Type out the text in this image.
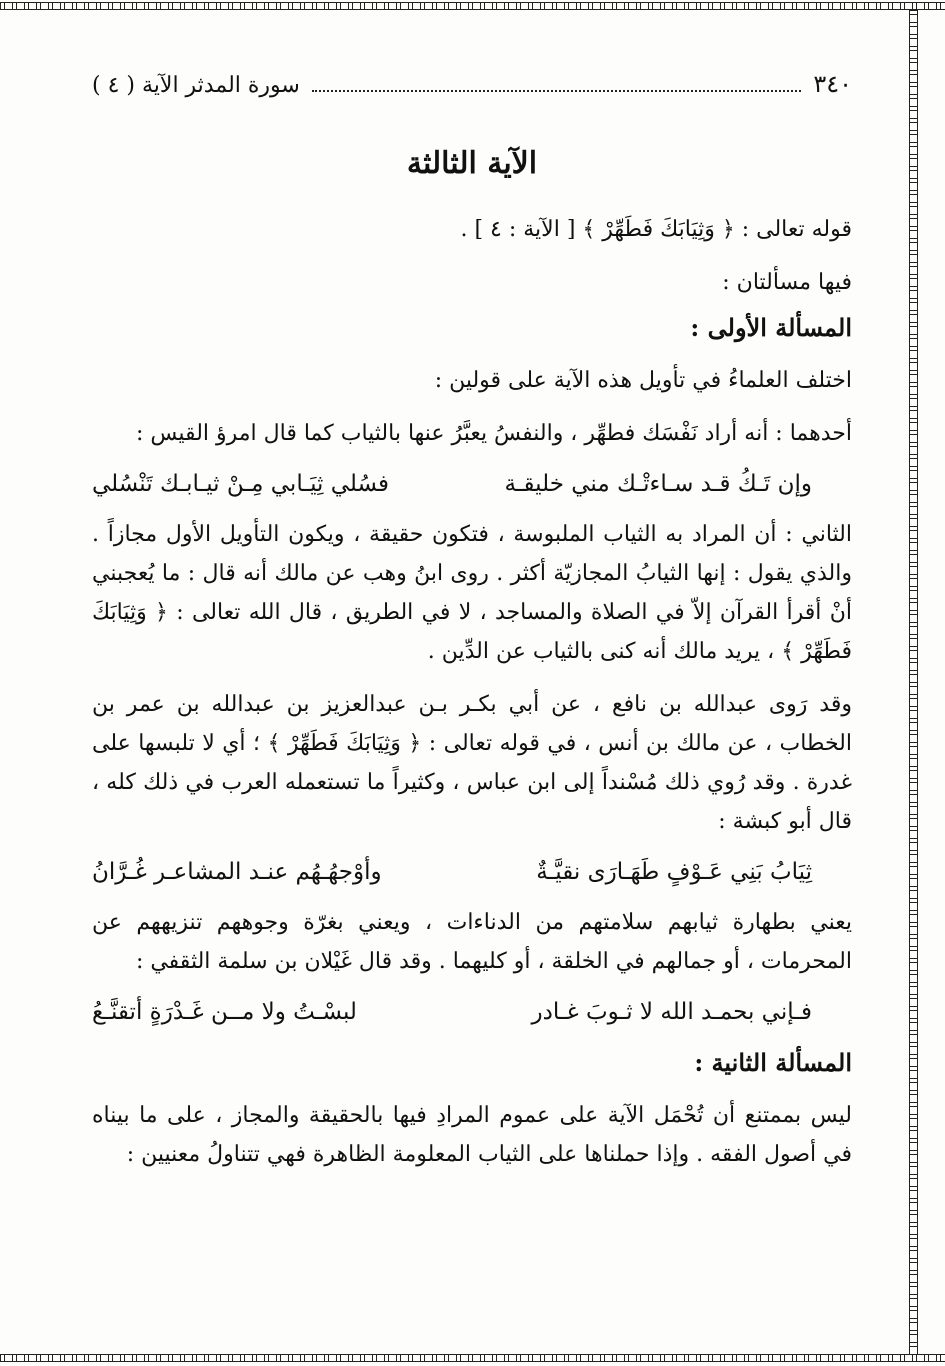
٣٤٠
سورة المدثر الآية ( ٤ )
الآية الثالثة

قوله تعالى : ﴿ وَثِيَابَكَ فَطَهِّرْ ﴾ [ الآية : ٤ ] .

فيها مسألتان :

المسألة الأولى :

اختلف العلماءُ في تأويل هذه الآية على قولين :

أحدهما : أنه أراد نَفْسَك فطهِّر ، والنفسُ يعبَّرُ عنها بالثياب كما قال امرؤ القيس :

وإن تَـكُ قـد سـاءتْـك مني خليقـة
فسُلي ثِيَـابي مِـنْ ثيـابـك تَنْسُلي

الثاني : أن المراد به الثياب الملبوسة ، فتكون حقيقة ، ويكون التأويل الأول مجازاً . والذي يقول : إنها الثيابُ المجازيّة أكثر . روى ابنُ وهب عن مالك أنه قال : ما يُعجبني أنْ أقرأ القرآن إلاّ في الصلاة والمساجد ، لا في الطريق ، قال الله تعالى : ﴿ وَثِيَابَكَ فَطَهِّرْ ﴾ ، يريد مالك أنه كنى بالثياب عن الدِّين .

وقد رَوى عبدالله بن نافع ، عن أبي بكـر بـن عبدالعزيز بن عبدالله بن عمر بن الخطاب ، عن مالك بن أنس ، في قوله تعالى : ﴿ وَثِيَابَكَ فَطَهِّرْ ﴾ ؛ أي لا تلبسها على غدرة . وقد رُوي ذلك مُسْنداً إلى ابن عباس ، وكثيراً ما تستعمله العرب في ذلك كله ، قال أبو كبشة :

ثِيَابُ بَنِي عَـوْفٍ طَهَـارَى نقيَّـةٌ
وأوْجهُـهُم عنـد المشاعـر غُـرَّانُ

يعني بطهارة ثيابهم سلامتهم من الدناءات ، ويعني بغرّة وجوههم تنزيههم عن المحرمات ، أو جمالهم في الخلقة ، أو كليهما . وقد قال غَيْلان بن سلمة الثقفي :

فـإني بحمـد الله لا ثـوبَ غـادر
لبسْـتُ ولا مــن غَـدْرَةٍ أتقنَّـعُ

المسألة الثانية :

ليس بممتنع أن تُحْمَل الآية على عموم المرادِ فيها بالحقيقة والمجاز ، على ما بيناه في أصول الفقه . وإذا حملناها على الثياب المعلومة الظاهرة فهي تتناولُ معنيين :
